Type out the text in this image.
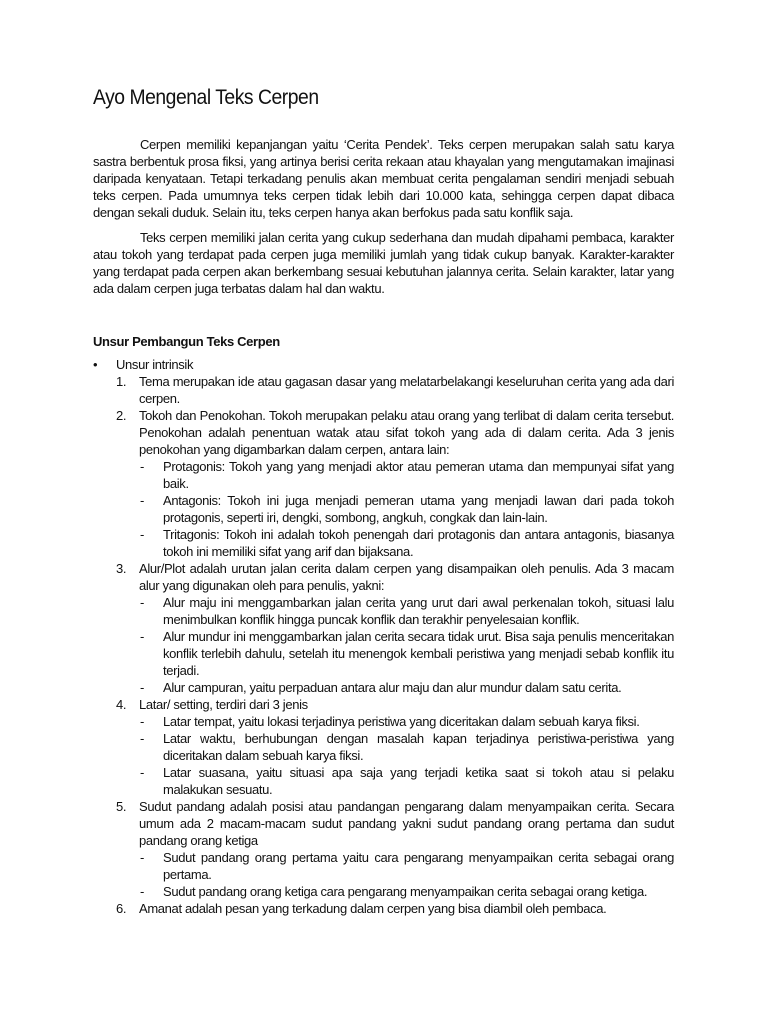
Ayo Mengenal Teks Cerpen

Cerpen memiliki kepanjangan yaitu ‘Cerita Pendek’. Teks cerpen merupakan salah satu karya sastra berbentuk prosa fiksi, yang artinya berisi cerita rekaan atau khayalan yang mengutamakan imajinasi daripada kenyataan. Tetapi terkadang penulis akan membuat cerita pengalaman sendiri menjadi sebuah teks cerpen. Pada umumnya teks cerpen tidak lebih dari 10.000 kata, sehingga cerpen dapat dibaca dengan sekali duduk. Selain itu, teks cerpen hanya akan berfokus pada satu konflik saja.

Teks cerpen memiliki jalan cerita yang cukup sederhana dan mudah dipahami pembaca, karakter atau tokoh yang terdapat pada cerpen juga memiliki jumlah yang tidak cukup banyak. Karakter-karakter yang terdapat pada cerpen akan berkembang sesuai kebutuhan jalannya cerita. Selain karakter, latar yang ada dalam cerpen juga terbatas dalam hal dan waktu.

Unsur Pembangun Teks Cerpen
• Unsur intrinsik
1. Tema merupakan ide atau gagasan dasar yang melatarbelakangi keseluruhan cerita yang ada dari cerpen.
2. Tokoh dan Penokohan. Tokoh merupakan pelaku atau orang yang terlibat di dalam cerita tersebut. Penokohan adalah penentuan watak atau sifat tokoh yang ada di dalam cerita. Ada 3 jenis penokohan yang digambarkan dalam cerpen, antara lain:
- Protagonis: Tokoh yang yang menjadi aktor atau pemeran utama dan mempunyai sifat yang baik.
- Antagonis: Tokoh ini juga menjadi pemeran utama yang menjadi lawan dari pada tokoh protagonis, seperti iri, dengki, sombong, angkuh, congkak dan lain-lain.
- Tritagonis: Tokoh ini adalah tokoh penengah dari protagonis dan antara antagonis, biasanya tokoh ini memiliki sifat yang arif dan bijaksana.
3. Alur/Plot adalah urutan jalan cerita dalam cerpen yang disampaikan oleh penulis. Ada 3 macam alur yang digunakan oleh para penulis, yakni:
- Alur maju ini menggambarkan jalan cerita yang urut dari awal perkenalan tokoh, situasi lalu menimbulkan konflik hingga puncak konflik dan terakhir penyelesaian konflik.
- Alur mundur ini menggambarkan jalan cerita secara tidak urut. Bisa saja penulis menceritakan konflik terlebih dahulu, setelah itu menengok kembali peristiwa yang menjadi sebab konflik itu terjadi.
- Alur campuran, yaitu perpaduan antara alur maju dan alur mundur dalam satu cerita.
4. Latar/ setting, terdiri dari 3 jenis
- Latar tempat, yaitu lokasi terjadinya peristiwa yang diceritakan dalam sebuah karya fiksi.
- Latar waktu, berhubungan dengan masalah kapan terjadinya peristiwa-peristiwa yang diceritakan dalam sebuah karya fiksi.
- Latar suasana, yaitu situasi apa saja yang terjadi ketika saat si tokoh atau si pelaku malakukan sesuatu.
5. Sudut pandang adalah posisi atau pandangan pengarang dalam menyampaikan cerita. Secara umum ada 2 macam-macam sudut pandang yakni sudut pandang orang pertama dan sudut pandang orang ketiga
- Sudut pandang orang pertama yaitu cara pengarang menyampaikan cerita sebagai orang pertama.
- Sudut pandang orang ketiga cara pengarang menyampaikan cerita sebagai orang ketiga.
6. Amanat adalah pesan yang terkadung dalam cerpen yang bisa diambil oleh pembaca.
